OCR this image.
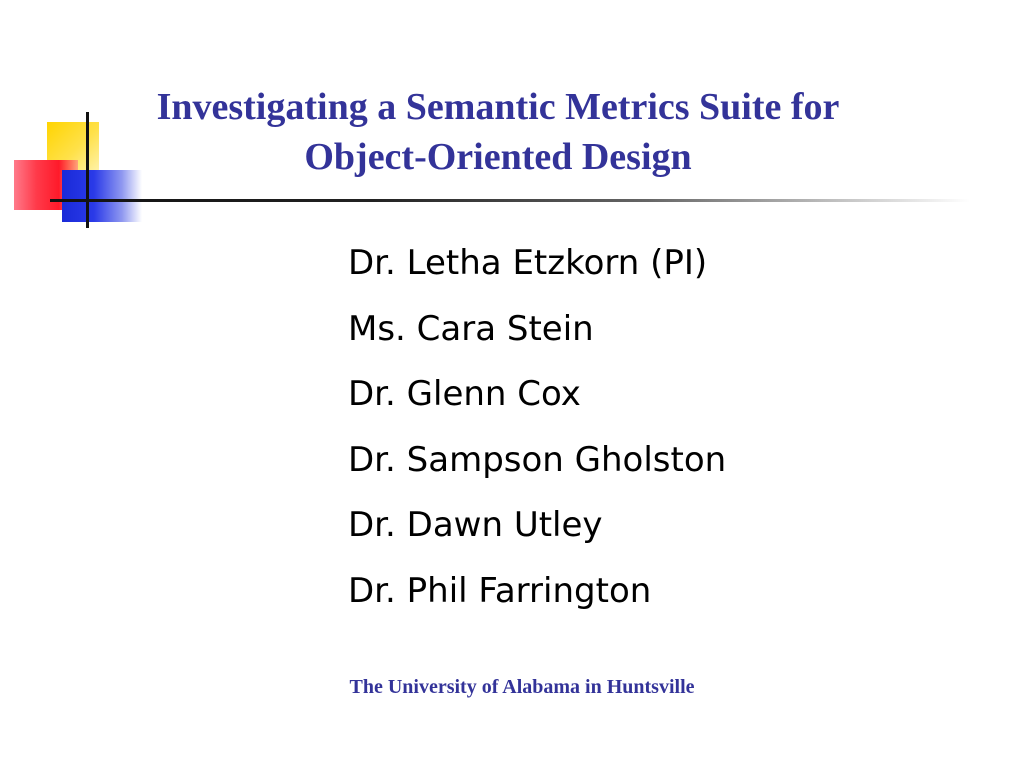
Investigating a Semantic Metrics Suite for
Object-Oriented Design
Dr. Letha Etzkorn (PI)
Ms. Cara Stein
Dr. Glenn Cox
Dr. Sampson Gholston
Dr. Dawn Utley
Dr. Phil Farrington

The University of Alabama in Huntsville
